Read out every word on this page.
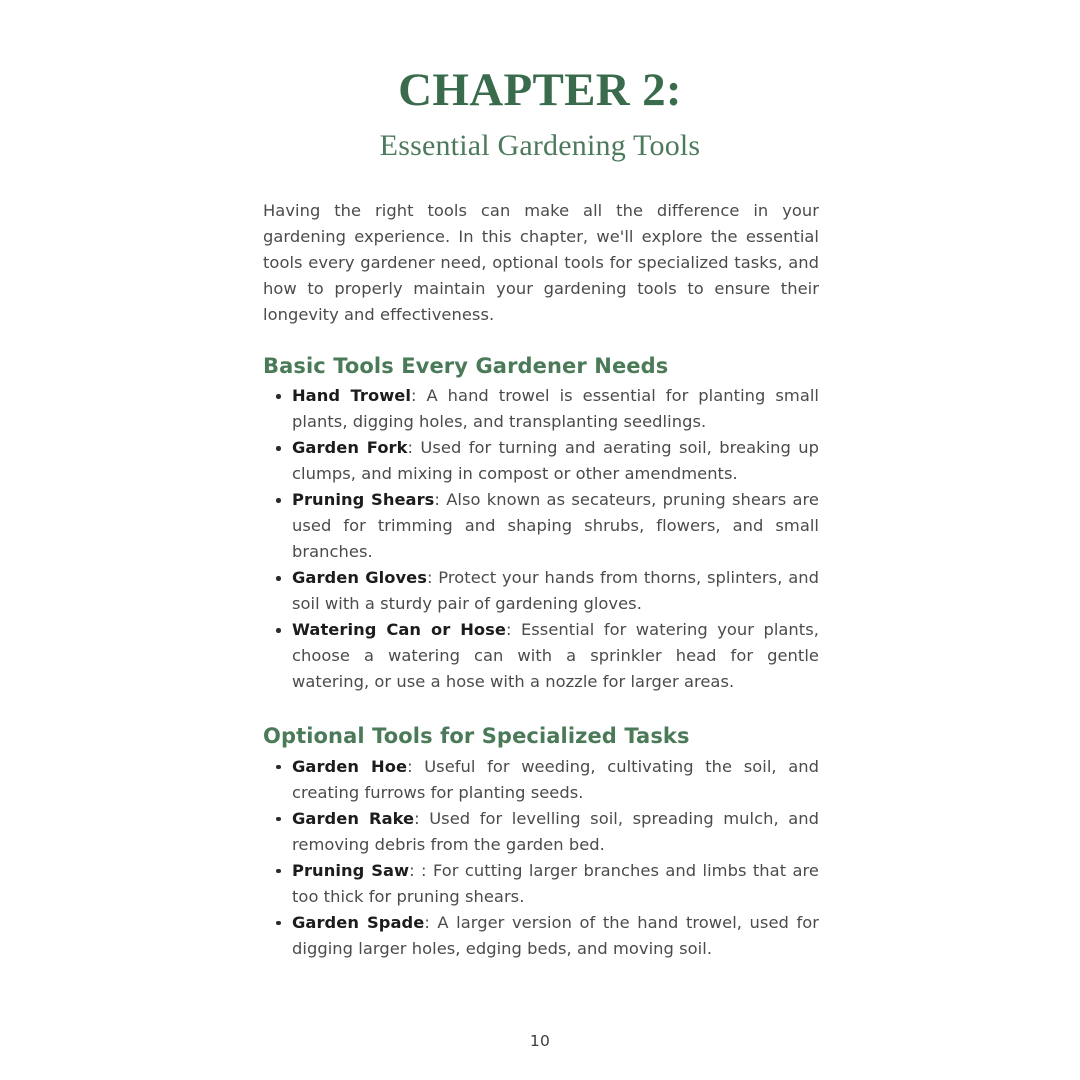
CHAPTER 2:
Essential Gardening Tools

Having the right tools can make all the difference in your gardening experience. In this chapter, we'll explore the essential tools every gardener need, optional tools for specialized tasks, and how to properly maintain your gardening tools to ensure their longevity and effectiveness.

Basic Tools Every Gardener Needs
Hand Trowel: A hand trowel is essential for planting small plants, digging holes, and transplanting seedlings.
Garden Fork: Used for turning and aerating soil, breaking up clumps, and mixing in compost or other amendments.
Pruning Shears: Also known as secateurs, pruning shears are used for trimming and shaping shrubs, flowers, and small branches.
Garden Gloves: Protect your hands from thorns, splinters, and soil with a sturdy pair of gardening gloves.
Watering Can or Hose: Essential for watering your plants, choose a watering can with a sprinkler head for gentle watering, or use a hose with a nozzle for larger areas.
Optional Tools for Specialized Tasks
Garden Hoe: Useful for weeding, cultivating the soil, and creating furrows for planting seeds.
Garden Rake: Used for levelling soil, spreading mulch, and removing debris from the garden bed.
Pruning Saw: : For cutting larger branches and limbs that are too thick for pruning shears.
Garden Spade: A larger version of the hand trowel, used for digging larger holes, edging beds, and moving soil.
10
